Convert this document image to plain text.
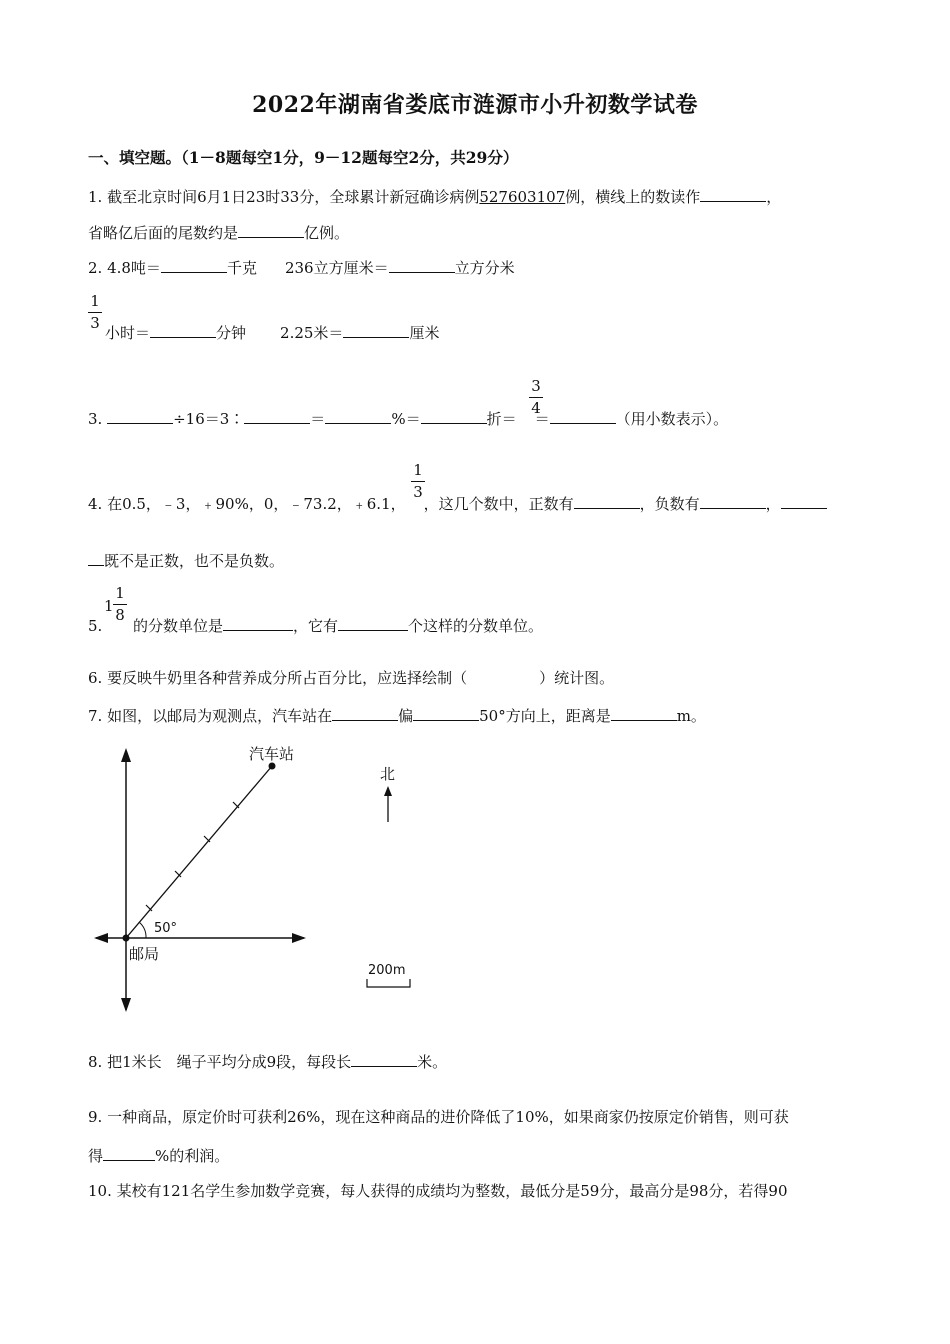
2022年湖南省娄底市涟源市小升初数学试卷
一、填空题。（1－8题每空1分，9－12题每空2分，共29分）
1. 截至北京时间6月1日23时33分，全球累计新冠确诊病例527603107例，横线上的数读作	，
省略亿后面的尾数约是	亿例。
2. 4.8吨＝	千克 236立方厘米＝	立方分米
1
3
小时＝	分钟 2.25米＝	厘米
3
4
3.	÷16＝3∶	＝	%＝	折＝ ＝	（用小数表示）。
1
3
4. 在0.5，﹣3，﹢90%，0，﹣73.2，﹢6.1， ，这几个数中，正数有	，负数有	，
既不是正数，也不是负数。
5.
1
1
8
的分数单位是	，它有	个这样的分数单位。
6. 要反映牛奶里各种营养成分所占百分比，应选择绘制（	）统计图。
7. 如图，以邮局为观测点，汽车站在	偏	50°方向上，距离是	m。
汽车站
50°
邮局
北
200m
8. 把1米长　绳子平均分成9段，每段长	米。
9. 一种商品，原定价时可获利26%，现在这种商品的进价降低了10%，如果商家仍按原定价销售，则可获
得	%的利润。
10. 某校有121名学生参加数学竞赛，每人获得的成绩均为整数，最低分是59分，最高分是98分，若得90
